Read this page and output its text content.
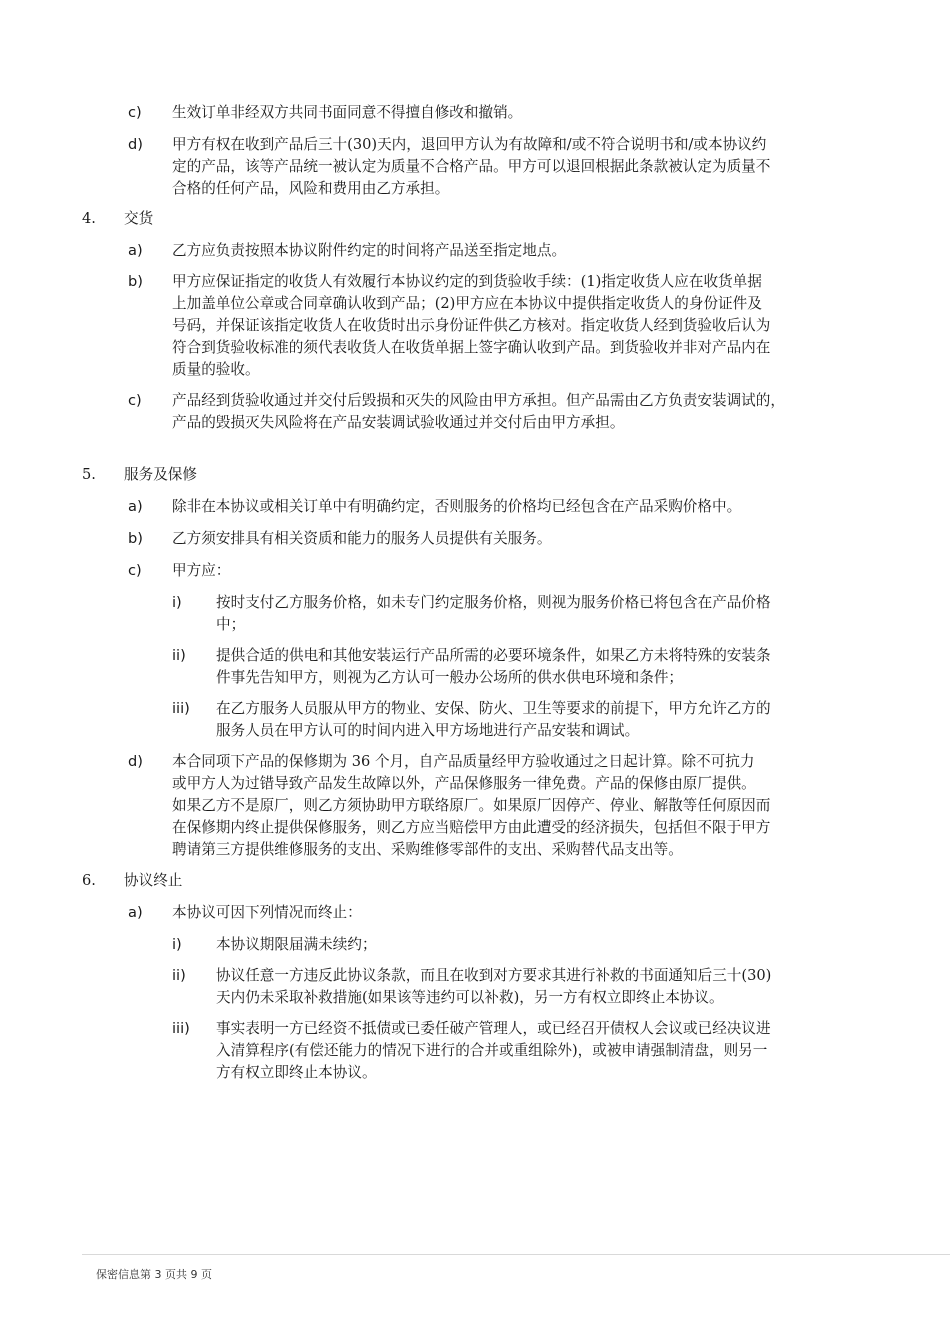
c) 生效订单非经双方共同书面同意不得擅自修改和撤销。
d) 甲方有权在收到产品后三十(30)天内，退回甲方认为有故障和/或不符合说明书和/或本协议约
定的产品，该等产品统一被认定为质量不合格产品。甲方可以退回根据此条款被认定为质量不
合格的任何产品，风险和费用由乙方承担。
4. 交货
a) 乙方应负责按照本协议附件约定的时间将产品送至指定地点。
b) 甲方应保证指定的收货人有效履行本协议约定的到货验收手续：(1)指定收货人应在收货单据
上加盖单位公章或合同章确认收到产品；(2)甲方应在本协议中提供指定收货人的身份证件及
号码，并保证该指定收货人在收货时出示身份证件供乙方核对。指定收货人经到货验收后认为
符合到货验收标准的须代表收货人在收货单据上签字确认收到产品。到货验收并非对产品内在
质量的验收。
c) 产品经到货验收通过并交付后毁损和灭失的风险由甲方承担。但产品需由乙方负责安装调试的，
产品的毁损灭失风险将在产品安装调试验收通过并交付后由甲方承担。
5. 服务及保修
a) 除非在本协议或相关订单中有明确约定，否则服务的价格均已经包含在产品采购价格中。
b) 乙方须安排具有相关资质和能力的服务人员提供有关服务。
c) 甲方应：
i) 按时支付乙方服务价格，如未专门约定服务价格，则视为服务价格已将包含在产品价格
中；
ii) 提供合适的供电和其他安装运行产品所需的必要环境条件，如果乙方未将特殊的安装条
件事先告知甲方，则视为乙方认可一般办公场所的供水供电环境和条件；
iii) 在乙方服务人员服从甲方的物业、安保、防火、卫生等要求的前提下，甲方允许乙方的
服务人员在甲方认可的时间内进入甲方场地进行产品安装和调试。
d) 本合同项下产品的保修期为 36 个月，自产品质量经甲方验收通过之日起计算。除不可抗力
或甲方人为过错导致产品发生故障以外，产品保修服务一律免费。产品的保修由原厂提供。
如果乙方不是原厂，则乙方须协助甲方联络原厂。如果原厂因停产、停业、解散等任何原因而
在保修期内终止提供保修服务，则乙方应当赔偿甲方由此遭受的经济损失，包括但不限于甲方
聘请第三方提供维修服务的支出、采购维修零部件的支出、采购替代品支出等。
6. 协议终止
a) 本协议可因下列情况而终止：
i) 本协议期限届满未续约；
ii) 协议任意一方违反此协议条款，而且在收到对方要求其进行补救的书面通知后三十(30)
天内仍未采取补救措施(如果该等违约可以补救)，另一方有权立即终止本协议。
iii) 事实表明一方已经资不抵债或已委任破产管理人，或已经召开债权人会议或已经决议进
入清算程序(有偿还能力的情况下进行的合并或重组除外)，或被申请强制清盘，则另一
方有权立即终止本协议。
保密信息第 3 页共 9 页
